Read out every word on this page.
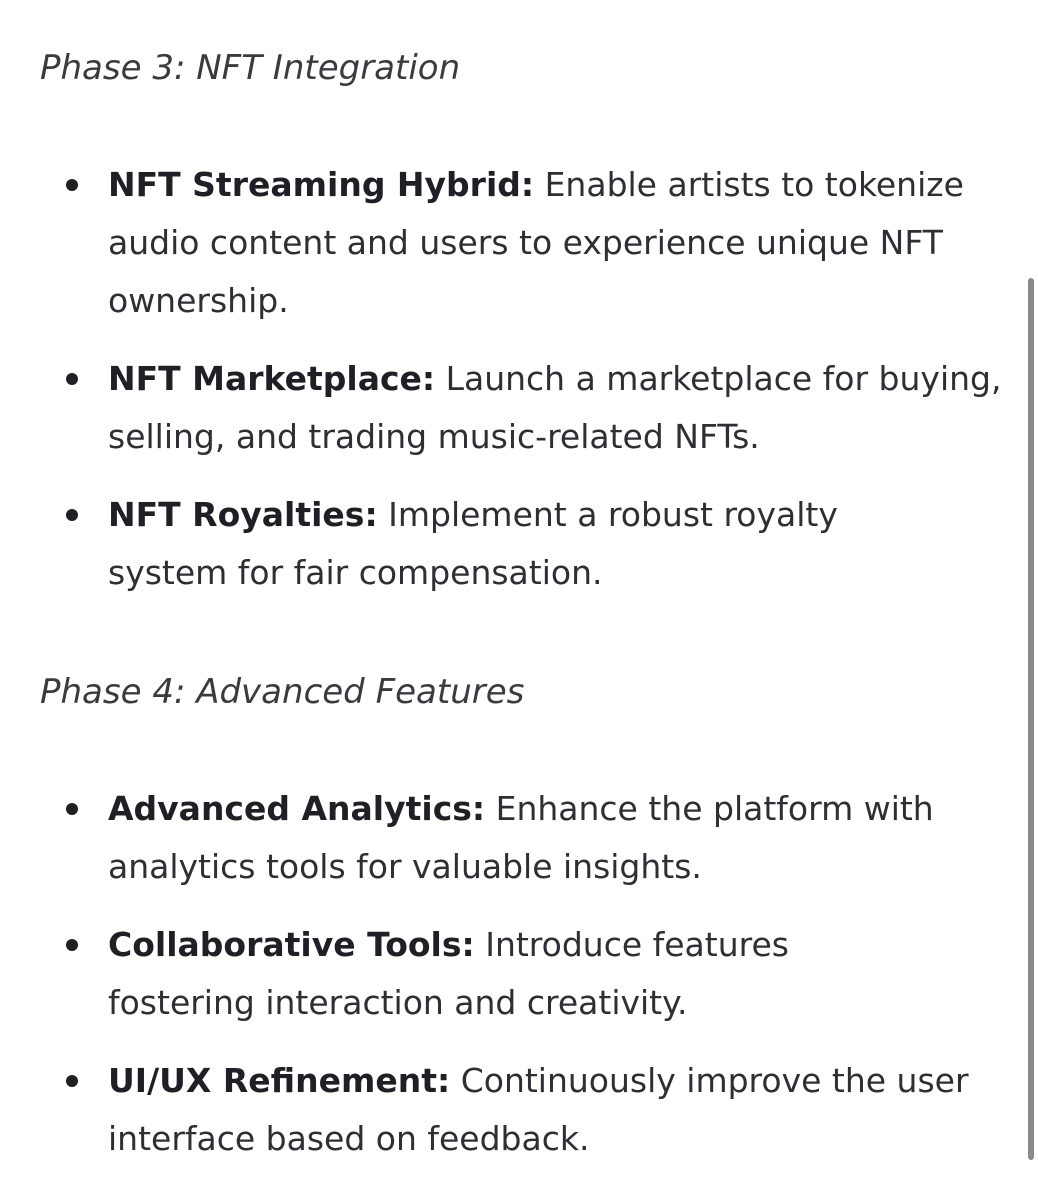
Phase 3: NFT Integration
NFT Streaming Hybrid: Enable artists to tokenize audio content and users to experience unique NFT ownership.
NFT Marketplace: Launch a marketplace for buying, selling, and trading music-related NFTs.
NFT Royalties: Implement a robust royalty system for fair compensation.
Phase 4: Advanced Features
Advanced Analytics: Enhance the platform with analytics tools for valuable insights.
Collaborative Tools: Introduce features fostering interaction and creativity.
UI/UX Refinement: Continuously improve the user interface based on feedback.
